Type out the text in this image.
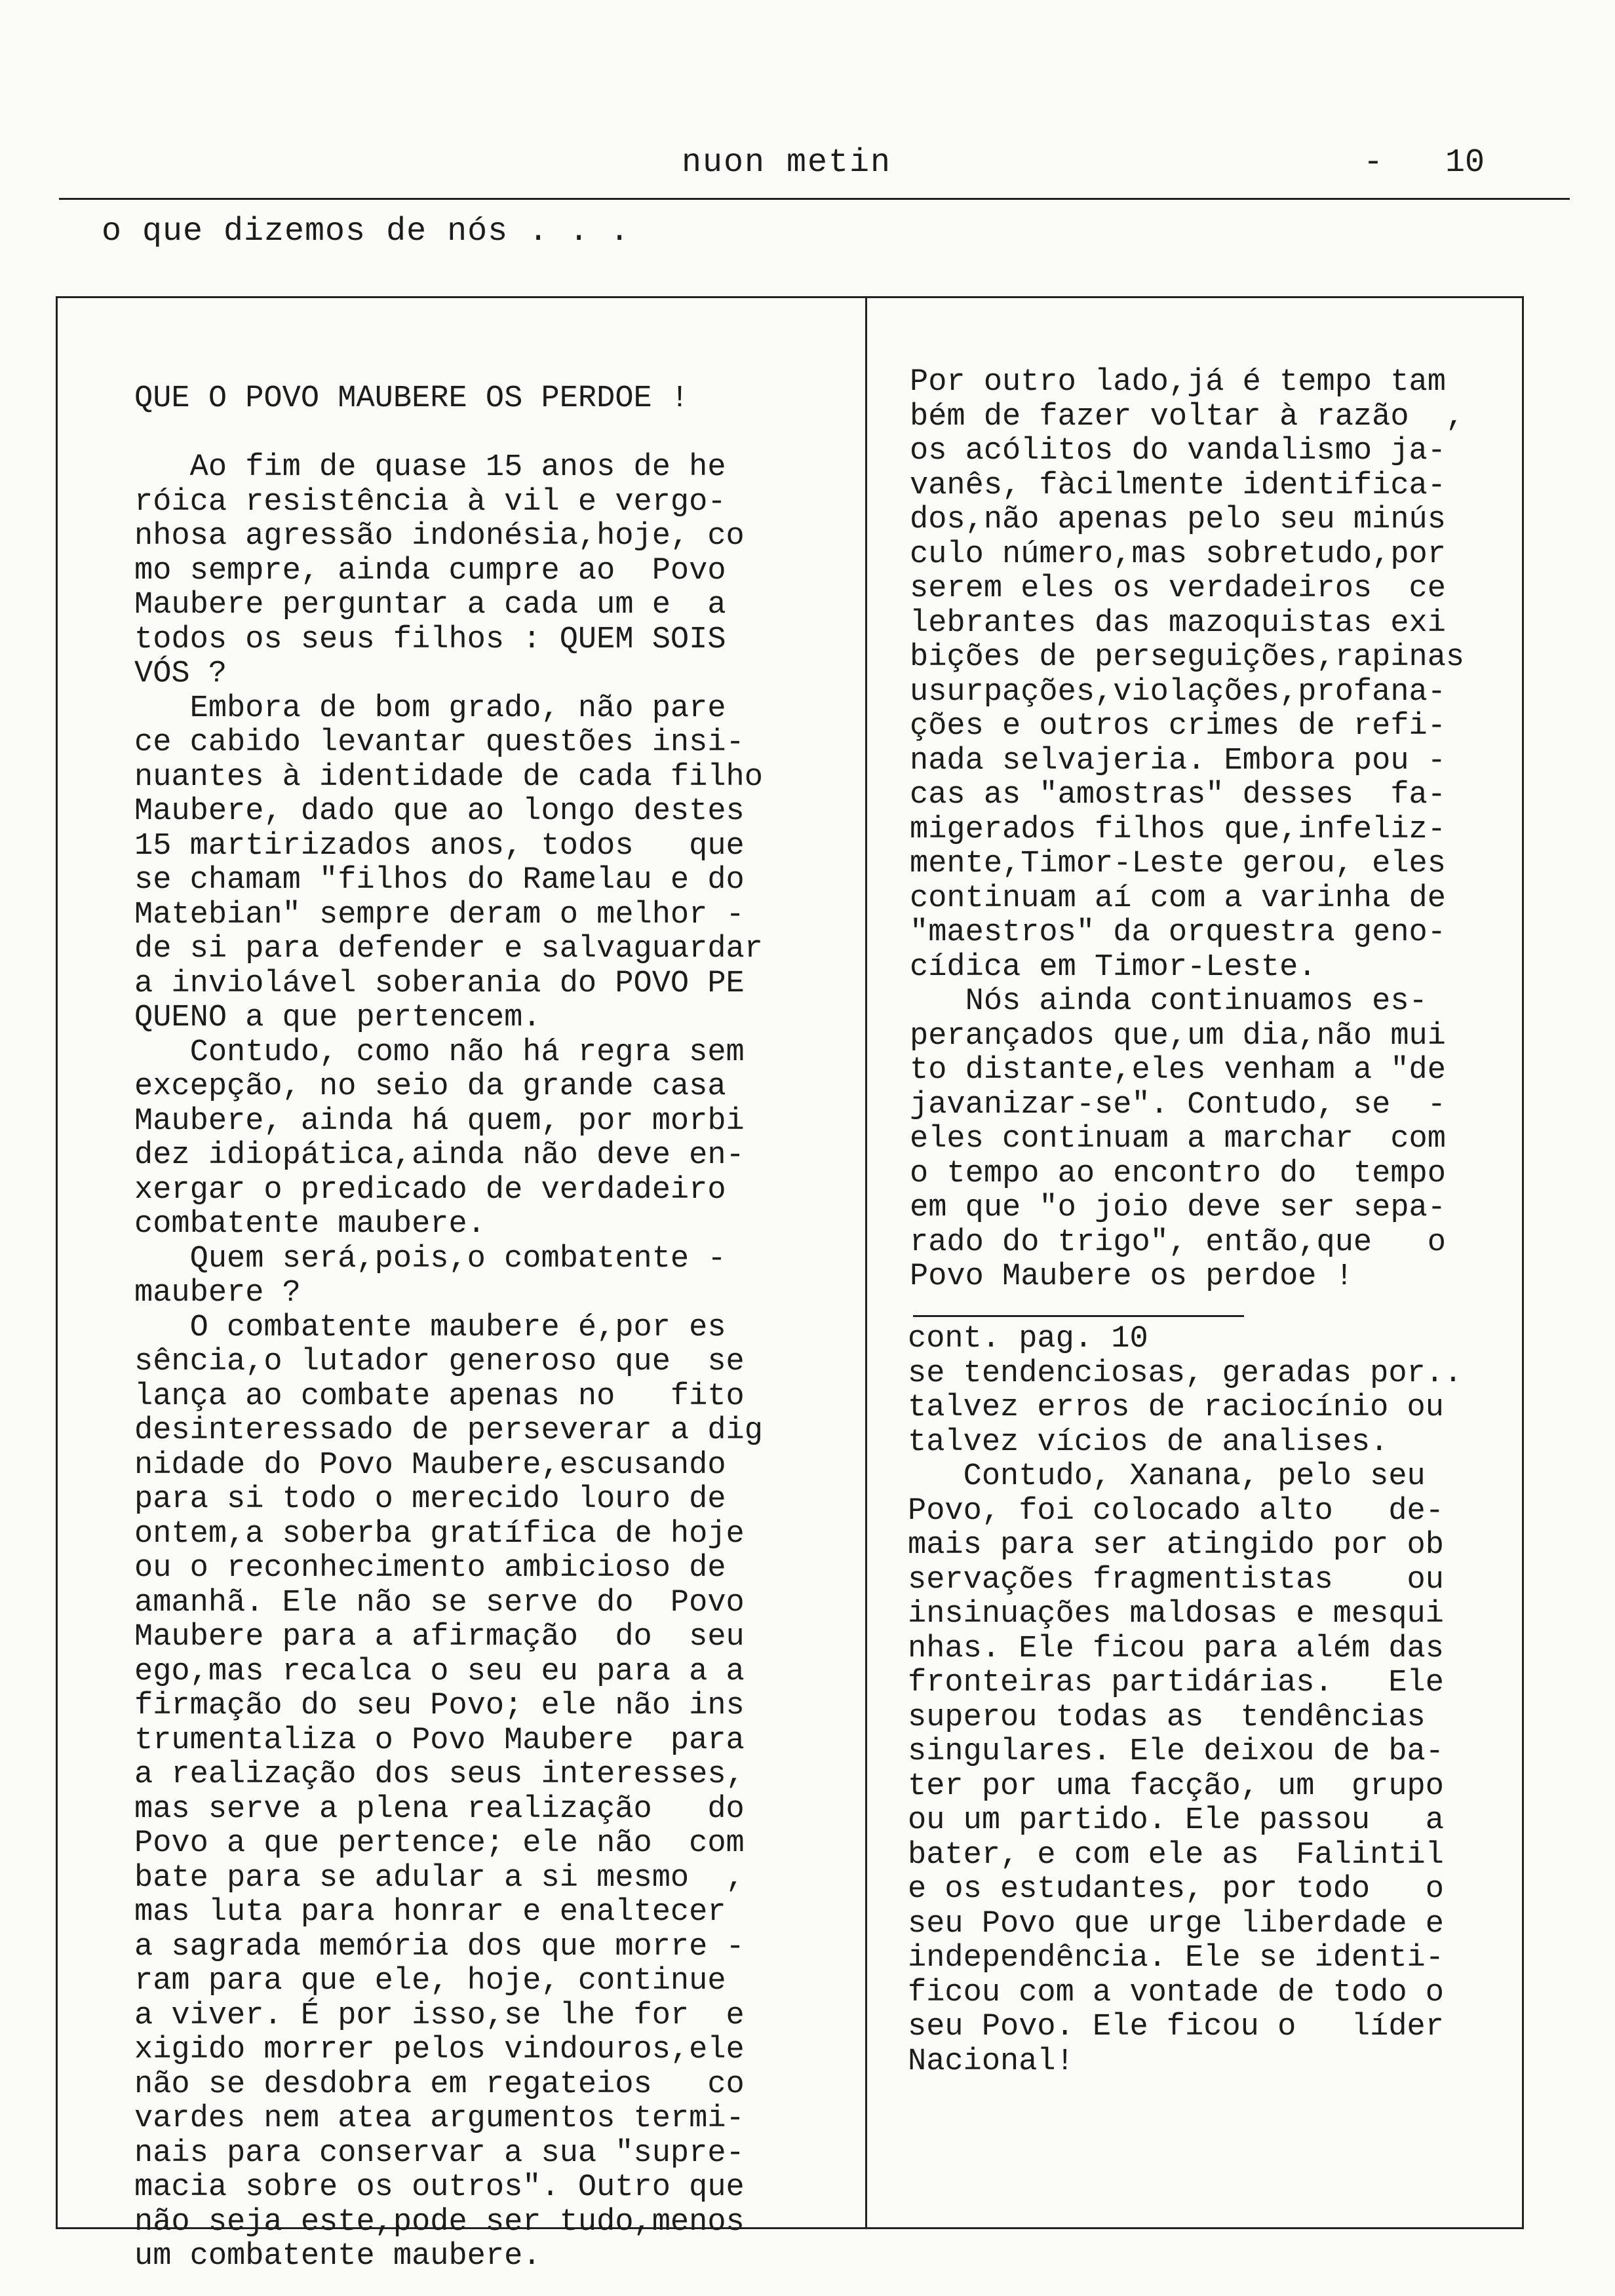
nuon metin	- 10
o que dizemos de nós . . .

QUE O POVO MAUBERE OS PERDOE !

Ao fim de quase 15 anos de he

róica resistência à vil e vergo-

nhosa agressão indonésia,hoje, co

mo sempre, ainda cumpre ao  Povo

Maubere perguntar a cada um e  a

todos os seus filhos : QUEM SOIS

VÓS ?

Embora de bom grado, não pare

ce cabido levantar questões insi-

nuantes à identidade de cada filho

Maubere, dado que ao longo destes

15 martirizados anos, todos   que

se chamam "filhos do Ramelau e do

Matebian" sempre deram o melhor -

de si para defender e salvaguardar

a inviolável soberania do POVO PE

QUENO a que pertencem.

Contudo, como não há regra sem

excepção, no seio da grande casa

Maubere, ainda há quem, por morbi

dez idiopática,ainda não deve en-

xergar o predicado de verdadeiro

combatente maubere.

Quem será,pois,o combatente -

maubere ?

O combatente maubere é,por es

sência,o lutador generoso que  se

lança ao combate apenas no   fito

desinteressado de perseverar a dig

nidade do Povo Maubere,escusando

para si todo o merecido louro de

ontem,a soberba gratífica de hoje

ou o reconhecimento ambicioso de

amanhã. Ele não se serve do  Povo

Maubere para a afirmação  do  seu

ego,mas recalca o seu eu para a a

firmação do seu Povo; ele não ins

trumentaliza o Povo Maubere  para

a realização dos seus interesses,

mas serve a plena realização   do

Povo a que pertence; ele não  com

bate para se adular a si mesmo  ,

mas luta para honrar e enaltecer

a sagrada memória dos que morre -

ram para que ele, hoje, continue

a viver. É por isso,se lhe for  e

xigido morrer pelos vindouros,ele

não se desdobra em regateios   co

vardes nem atea argumentos termi-

nais para conservar a sua "supre-

macia sobre os outros". Outro que

não seja este,pode ser tudo,menos

um combatente maubere.

Por outro lado,já é tempo tam

bém de fazer voltar à razão  ,

os acólitos do vandalismo ja-

vanês, fàcilmente identifica-

dos,não apenas pelo seu minús

culo número,mas sobretudo,por

serem eles os verdadeiros  ce

lebrantes das mazoquistas exi

bições de perseguições,rapinas

usurpações,violações,profana-

ções e outros crimes de refi-

nada selvajeria. Embora pou -

cas as "amostras" desses  fa-

migerados filhos que,infeliz-

mente,Timor-Leste gerou, eles

continuam aí com a varinha de

"maestros" da orquestra geno-

cídica em Timor-Leste.

Nós ainda continuamos es-

perançados que,um dia,não mui

to distante,eles venham a "de

javanizar-se". Contudo, se  -

eles continuam a marchar  com

o tempo ao encontro do  tempo

em que "o joio deve ser sepa-

rado do trigo", então,que   o

Povo Maubere os perdoe !

cont. pag. 10

se tendenciosas, geradas por..

talvez erros de raciocínio ou

talvez vícios de analises.

Contudo, Xanana, pelo seu

Povo, foi colocado alto   de-

mais para ser atingido por ob

servações fragmentistas    ou

insinuações maldosas e mesqui

nhas. Ele ficou para além das

fronteiras partidárias.   Ele

superou todas as  tendências

singulares. Ele deixou de ba-

ter por uma facção, um  grupo

ou um partido. Ele passou   a

bater, e com ele as  Falintil

e os estudantes, por todo   o

seu Povo que urge liberdade e

independência. Ele se identi-

ficou com a vontade de todo o

seu Povo. Ele ficou o   líder

Nacional!
